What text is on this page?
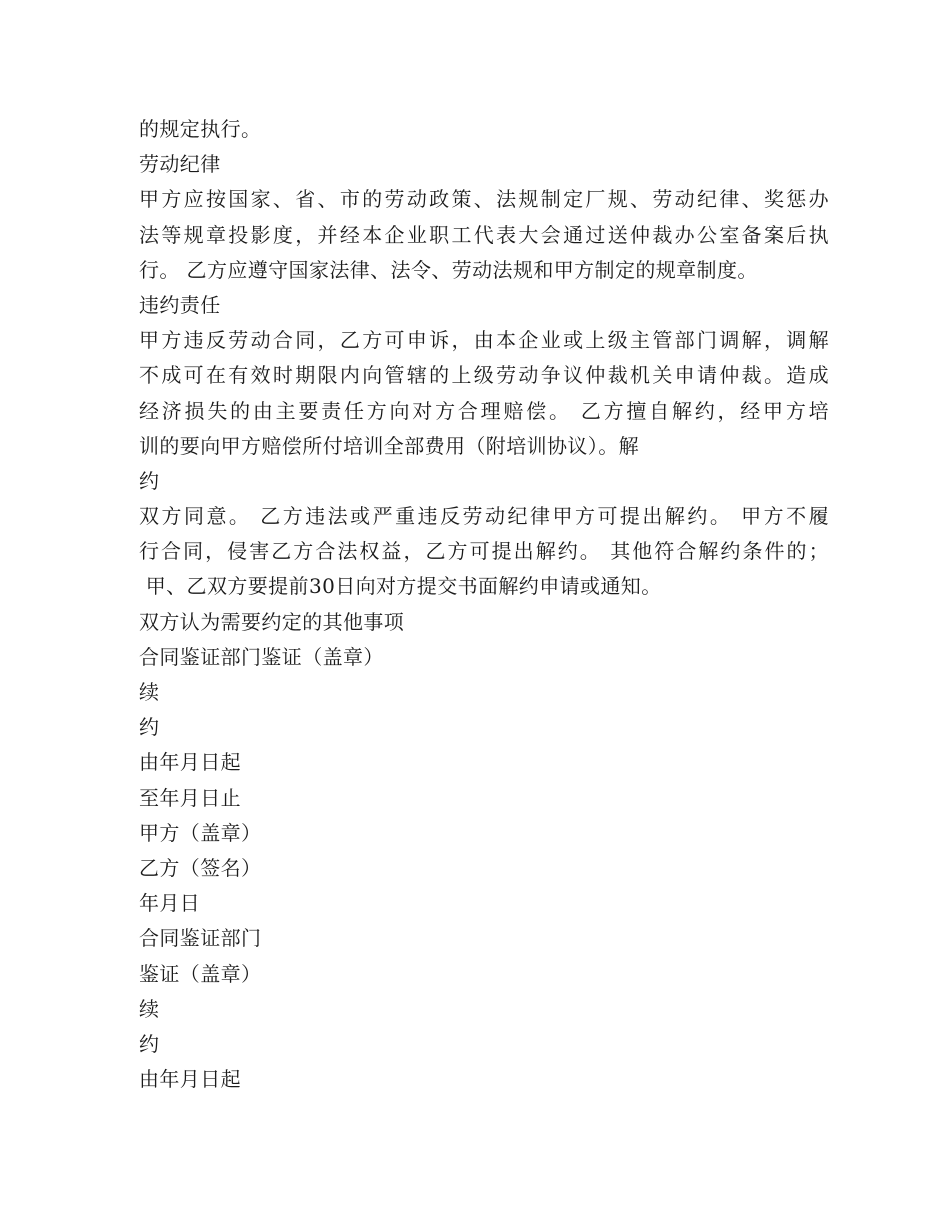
的规定执行。
劳动纪律
甲方应按国家、省、市的劳动政策、法规制定厂规、劳动纪律、奖惩办
法等规章投影度，并经本企业职工代表大会通过送仲裁办公室备案后执
行。 乙方应遵守国家法律、法令、劳动法规和甲方制定的规章制度。
违约责任
甲方违反劳动合同，乙方可申诉，由本企业或上级主管部门调解，调解
不成可在有效时期限内向管辖的上级劳动争议仲裁机关申请仲裁。造成
经济损失的由主要责任方向对方合理赔偿。 乙方擅自解约，经甲方培
训的要向甲方赔偿所付培训全部费用（附培训协议）。解
约
双方同意。 乙方违法或严重违反劳动纪律甲方可提出解约。 甲方不履
行合同，侵害乙方合法权益，乙方可提出解约。 其他符合解约条件的；
甲、乙双方要提前30日向对方提交书面解约申请或通知。
双方认为需要约定的其他事项
合同鉴证部门鉴证（盖章）
续
约
由年月日起
至年月日止
甲方（盖章）
乙方（签名）
年月日
合同鉴证部门
鉴证（盖章）
续
约
由年月日起
